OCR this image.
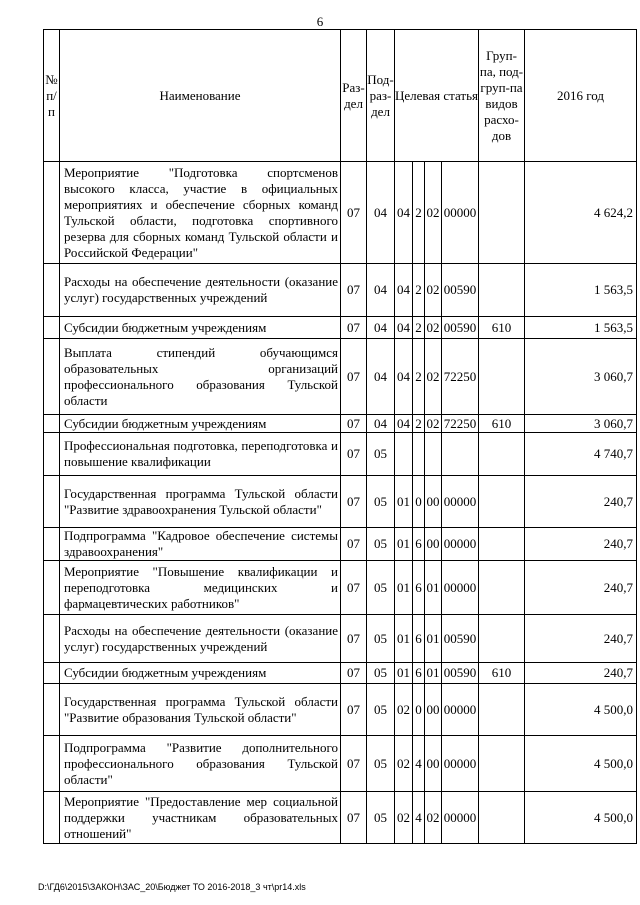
6
№ п/ п	Наименование	Раз-дел	Под-раз-дел	Целевая статья				Груп-па, под-груп-па видов расхо-дов	2016 год
	Мероприятие "Подготовка спортсменов высокого класса, участие в официальных мероприятиях и обеспечение сборных команд Тульской области, подготовка спортивного резерва для сборных команд Тульской области и Российской Федерации"	07	04	04	2	02	00000		4 624,2
	Расходы на обеспечение деятельности (оказание услуг) государственных учреждений	07	04	04	2	02	00590		1 563,5
	Субсидии бюджетным учреждениям	07	04	04	2	02	00590	610	1 563,5
	Выплата стипендий обучающимся образовательных организаций профессионального образования Тульской области	07	04	04	2	02	72250		3 060,7
	Субсидии бюджетным учреждениям	07	04	04	2	02	72250	610	3 060,7
	Профессиональная подготовка, переподготовка и повышение квалификации	07	05						4 740,7
	Государственная программа Тульской области "Развитие здравоохранения Тульской области"	07	05	01	0	00	00000		240,7
	Подпрограмма "Кадровое обеспечение системы здравоохранения"	07	05	01	6	00	00000		240,7
	Мероприятие "Повышение квалификации и переподготовка медицинских и фармацевтических работников"	07	05	01	6	01	00000		240,7
	Расходы на обеспечение деятельности (оказание услуг) государственных учреждений	07	05	01	6	01	00590		240,7
	Субсидии бюджетным учреждениям	07	05	01	6	01	00590	610	240,7
	Государственная программа Тульской области "Развитие образования Тульской области"	07	05	02	0	00	00000		4 500,0
	Подпрограмма "Развитие дополнительного профессионального образования Тульской области"	07	05	02	4	00	00000		4 500,0
	Мероприятие "Предоставление мер социальной поддержки участникам образовательных отношений"	07	05	02	4	02	00000		4 500,0
D:\ГД6\2015\ЗАКОН\ЗАС_20\Бюджет ТО 2016-2018_3 чт\pr14.xls
